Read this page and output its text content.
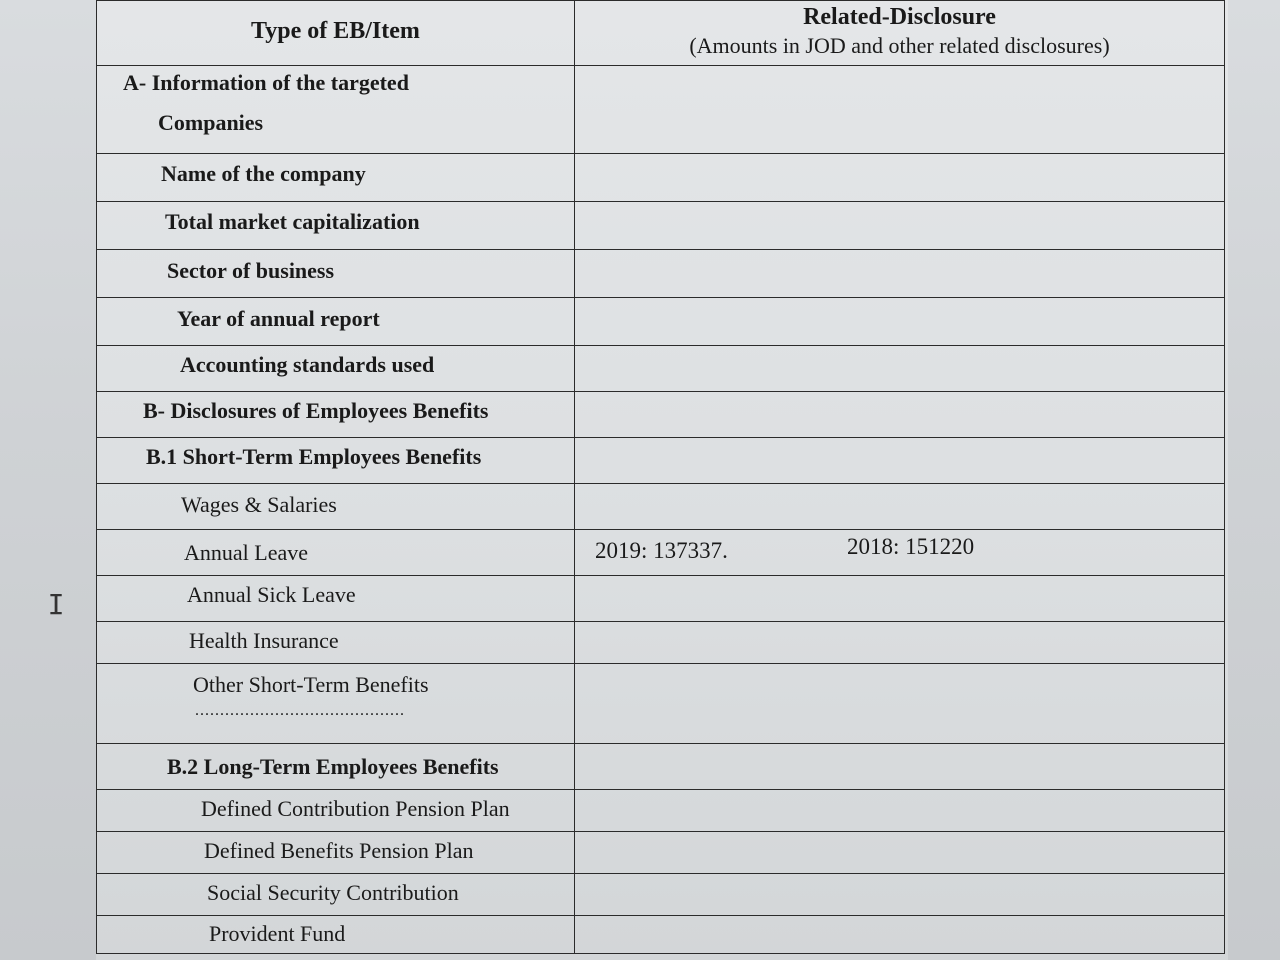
I
Type of EB/Item	Related-Disclosure
(Amounts in JOD and other related disclosures)

A- Information of the targeted
Companies	

Name of the company	

Total market capitalization	

Sector of business	

Year of annual report	

Accounting standards used	

B- Disclosures of Employees Benefits	

B.1 Short-Term Employees Benefits	

Wages & Salaries	

Annual Leave	2019: 137337. 2018: 151220

Annual Sick Leave	

Health Insurance	

Other Short-Term Benefits
..........................................	

B.2 Long-Term Employees Benefits	

Defined Contribution Pension Plan	

Defined Benefits Pension Plan	

Social Security Contribution	

Provident Fund	
